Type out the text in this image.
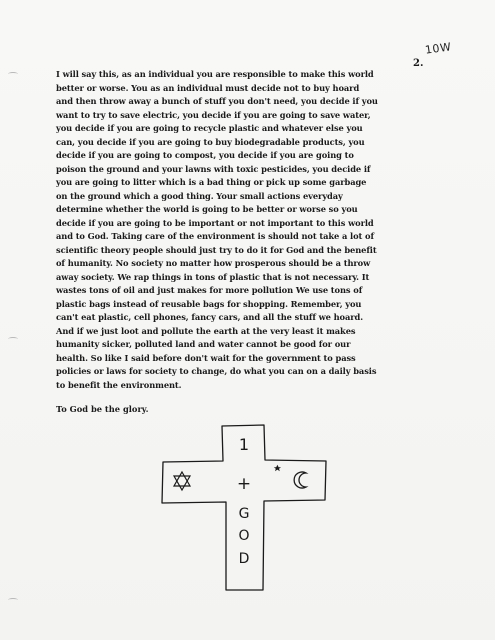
10W
2.
I will say this, as an individual you are responsible to make this world
better or worse. You as an individual must decide not to buy hoard
and then throw away a bunch of stuff you don't need, you decide if you
want to try to save electric, you decide if you are going to save water,
you decide if you are going to recycle plastic and whatever else you
can, you decide if you are going to buy biodegradable products, you
decide if you are going to compost, you decide if you are going to
poison the ground and your lawns with toxic pesticides, you decide if
you are going to litter which is a bad thing or pick up some garbage
on the ground which a good thing. Your small actions everyday
determine whether the world is going to be better or worse so you
decide if you are going to be important or not important to this world
and to God. Taking care of the environment is should not take a lot of
scientific theory people should just try to do it for God and the benefit
of humanity. No society no matter how prosperous should be a throw
away society. We rap things in tons of plastic that is not necessary. It
wastes tons of oil and just makes for more pollution We use tons of
plastic bags instead of reusable bags for shopping. Remember, you
can't eat plastic, cell phones, fancy cars, and all the stuff we hoard.
And if we just loot and pollute the earth at the very least it makes
humanity sicker, polluted land and water cannot be good for our
health. So like I said before don't wait for the government to pass
policies or laws for society to change, do what you can on a daily basis
to benefit the environment.
To God be the glory.
1
+
G
O
D
